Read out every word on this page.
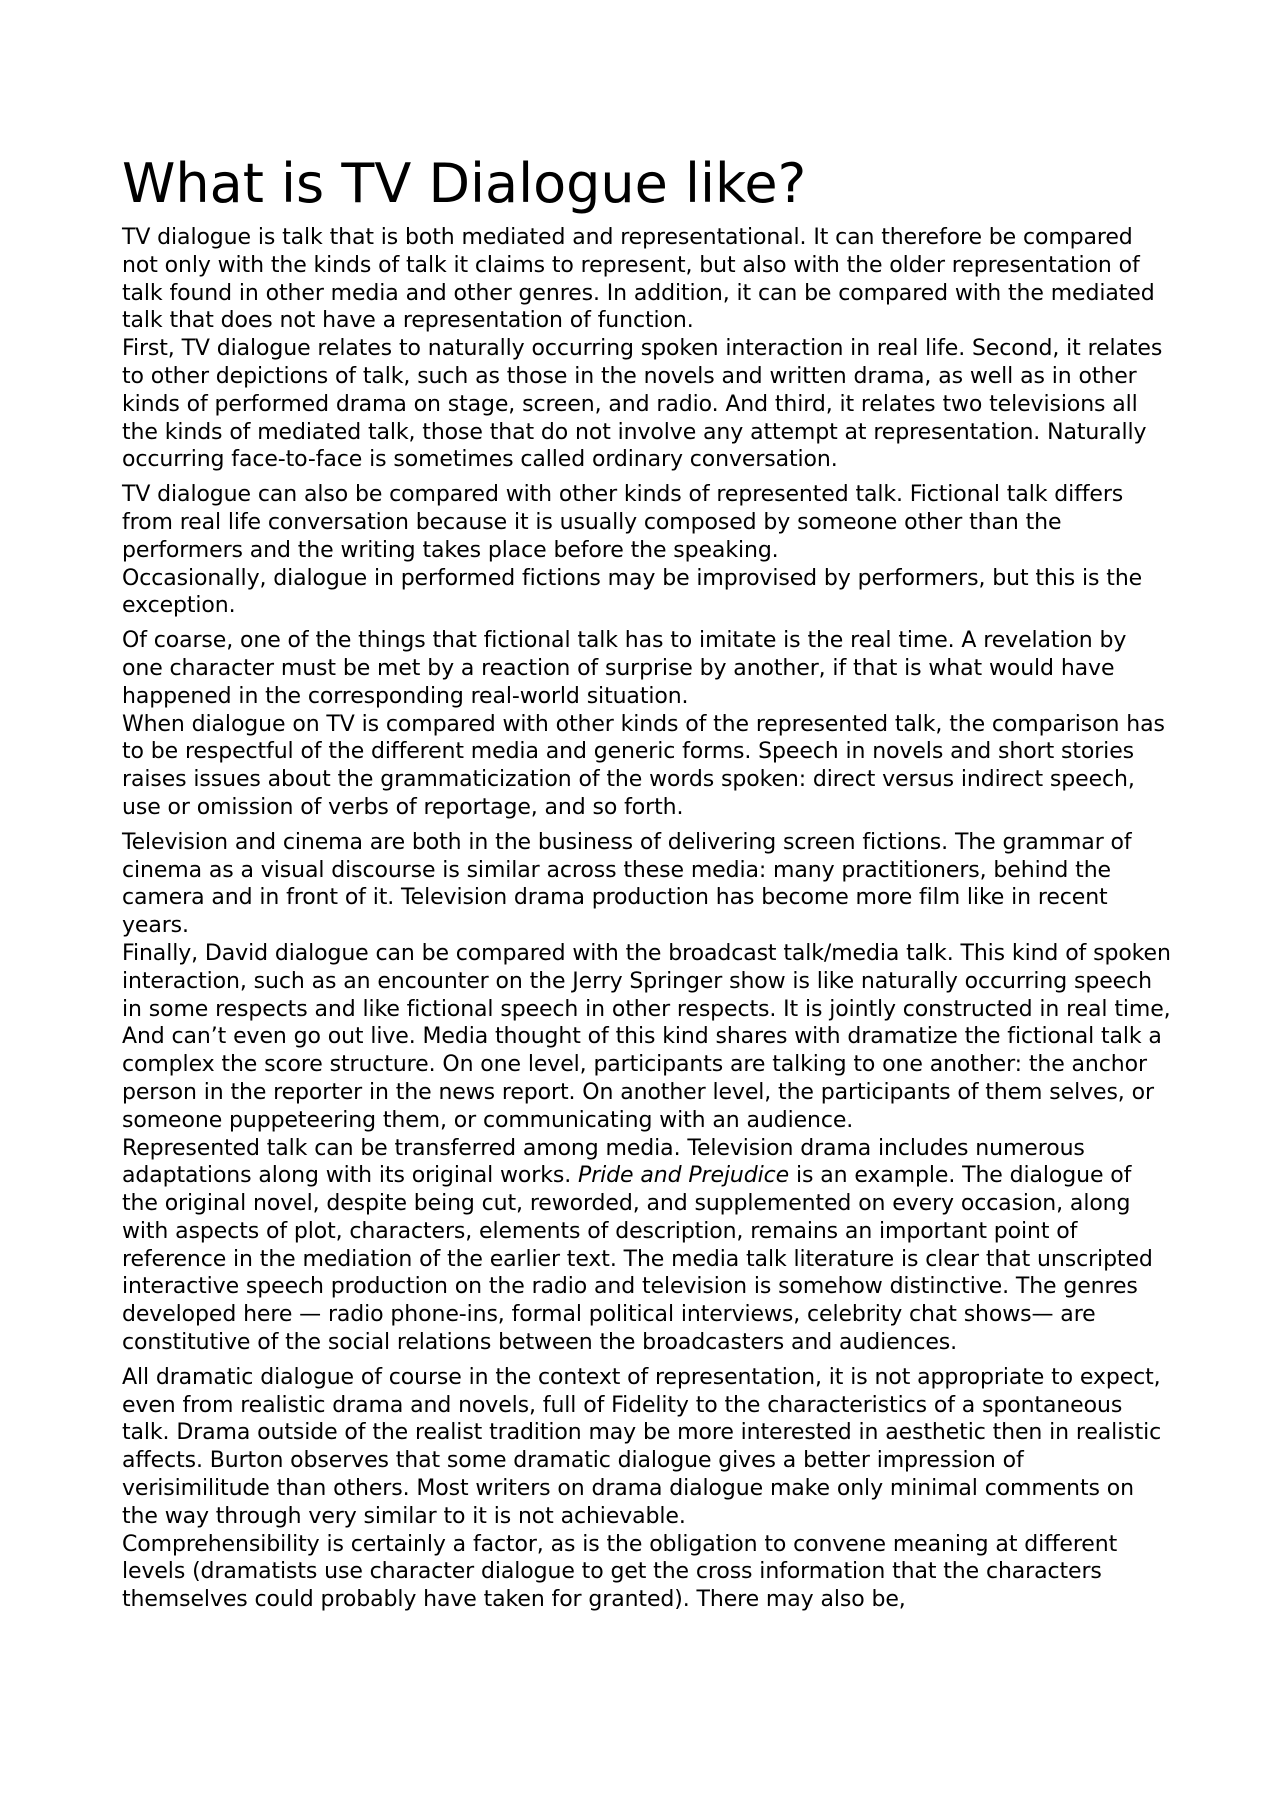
What is TV Dialogue like?

TV dialogue is talk that is both mediated and representational. It can therefore be compared not only with the kinds of talk it claims to represent, but also with the older representation of talk found in other media and other genres. In addition, it can be compared with the mediated talk that does not have a representation of function.

First, TV dialogue relates to naturally occurring spoken interaction in real life. Second, it relates to other depictions of talk, such as those in the novels and written drama, as well as in other kinds of performed drama on stage, screen, and radio. And third, it relates two televisions all the kinds of mediated talk, those that do not involve any attempt at representation. Naturally occurring face-to-face is sometimes called ordinary conversation.

TV dialogue can also be compared with other kinds of represented talk. Fictional talk differs from real life conversation because it is usually composed by someone other than the performers and the writing takes place before the speaking.

Occasionally, dialogue in performed fictions may be improvised by performers, but this is the exception.

Of coarse, one of the things that fictional talk has to imitate is the real time. A revelation by one character must be met by a reaction of surprise by another, if that is what would have happened in the corresponding real-world situation.

When dialogue on TV is compared with other kinds of the represented talk, the comparison has to be respectful of the different media and generic forms. Speech in novels and short stories raises issues about the grammaticization of the words spoken: direct versus indirect speech, use or omission of verbs of reportage, and so forth.

Television and cinema are both in the business of delivering screen fictions. The grammar of cinema as a visual discourse is similar across these media: many practitioners, behind the camera and in front of it. Television drama production has become more film like in recent years.

Finally, David dialogue can be compared with the broadcast talk/media talk. This kind of spoken interaction, such as an encounter on the Jerry Springer show is like naturally occurring speech in some respects and like fictional speech in other respects. It is jointly constructed in real time, And can’t even go out live. Media thought of this kind shares with dramatize the fictional talk a complex the score structure. On one level, participants are talking to one another: the anchor person in the reporter in the news report. On another level, the participants of them selves, or someone puppeteering them, or communicating with an audience.

Represented talk can be transferred among media. Television drama includes numerous adaptations along with its original works. Pride and Prejudice is an example. The dialogue of the original novel, despite being cut, reworded, and supplemented on every occasion, along with aspects of plot, characters, elements of description, remains an important point of reference in the mediation of the earlier text. The media talk literature is clear that unscripted interactive speech production on the radio and television is somehow distinctive. The genres developed here — radio phone-ins, formal political interviews, celebrity chat shows— are constitutive of the social relations between the broadcasters and audiences.

All dramatic dialogue of course in the context of representation, it is not appropriate to expect, even from realistic drama and novels, full of Fidelity to the characteristics of a spontaneous talk. Drama outside of the realist tradition may be more interested in aesthetic then in realistic affects. Burton observes that some dramatic dialogue gives a better impression of verisimilitude than others. Most writers on drama dialogue make only minimal comments on the way through very similar to it is not achievable.

Comprehensibility is certainly a factor, as is the obligation to convene meaning at different levels (dramatists use character dialogue to get the cross information that the characters themselves could probably have taken for granted). There may also be,
